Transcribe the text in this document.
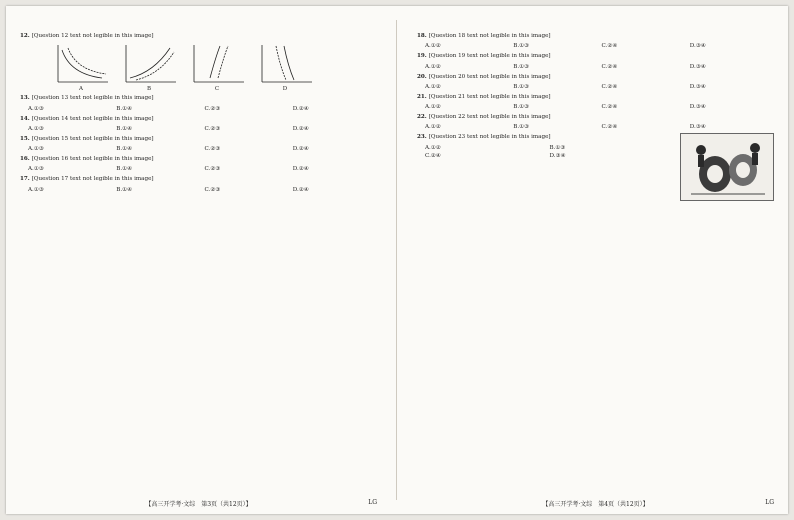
12. [Question 12 text not legible in this image]

A	B	C	D

13. [Question 13 text not legible in this image]

A.①③	B.①④	C.②③	D.②④

14. [Question 14 text not legible in this image]

A.①③	B.①④	C.②③	D.②④

15. [Question 15 text not legible in this image]

A.①③	B.①④	C.②③	D.②④

16. [Question 16 text not legible in this image]

A.①③	B.①④	C.②③	D.②④

17. [Question 17 text not legible in this image]

A.①③	B.①④	C.②③	D.②④
【高三开学考·文综　第3页（共12页）】	LG

18. [Question 18 text not legible in this image]

A.①②	B.①③	C.②④	D.③④

19. [Question 19 text not legible in this image]

A.①②	B.①③	C.②④	D.③④

20. [Question 20 text not legible in this image]

A.①②	B.①③	C.②④	D.③④

21. [Question 21 text not legible in this image]

A.①②	B.①③	C.②④	D.③④

22. [Question 22 text not legible in this image]

A.①②	B.①③	C.②④	D.③④

23. [Question 23 text not legible in this image]

A.①②	B.①③
C.②④	D.③④
【高三开学考·文综　第4页（共12页）】	LG
